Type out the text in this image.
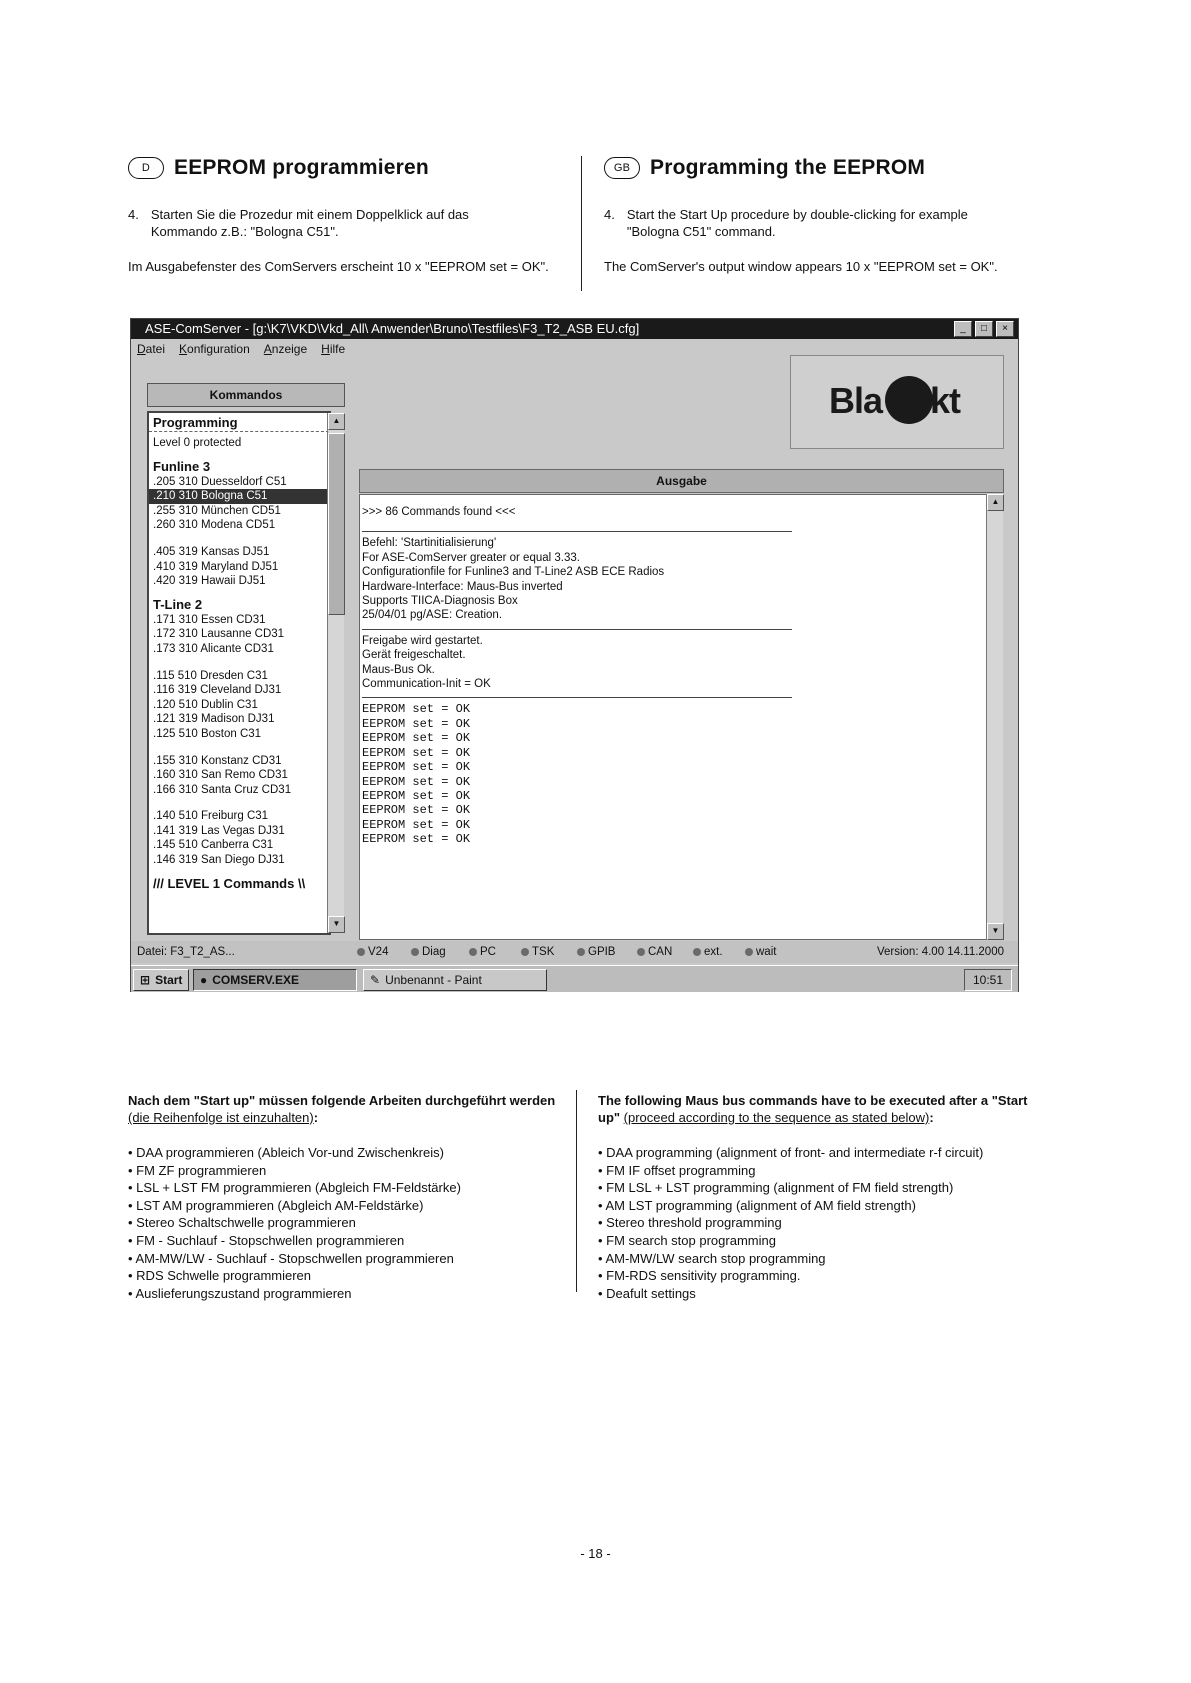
D	EEPROM programmieren
4. Starten Sie die Prozedur mit einem Doppelklick auf das Kommando z.B.: "Bologna C51".
Im Ausgabefenster des ComServers erscheint 10 x "EEPROM set = OK".
GB Programming the EEPROM
4. Start the Start Up procedure by double-clicking for example "Bologna C51" command.
The ComServer's output window appears 10 x "EEPROM set = OK".
ASE-ComServer - [g:\K7\VKD\Vkd_All\ Anwender\Bruno\Testfiles\F3_T2_ASB EU.cfg]	_	□	×
Datei Konfiguration Anzeige Hilfe
Kommandos
Programming
Level 0 protected
Funline 3
.205 310 Duesseldorf C51
.210 310 Bologna C51
.255 310 München CD51
.260 310 Modena CD51
.405 319 Kansas DJ51
.410 319 Maryland DJ51
.420 319 Hawaii DJ51
T-Line 2
.171 310 Essen CD31
.172 310 Lausanne CD31
.173 310 Alicante CD31
.115 510 Dresden C31
.116 319 Cleveland DJ31
.120 510 Dublin C31
.121 319 Madison DJ31
.125 510 Boston C31
.155 310 Konstanz CD31
.160 310 San Remo CD31
.166 310 Santa Cruz CD31
.140 510 Freiburg C31
.141 319 Las Vegas DJ31
.145 510 Canberra C31
.146 319 San Diego DJ31
/// LEVEL 1 Commands \\
▲
▼
Bla   nkt
Ausgabe
>>> 86 Commands found <<<
Befehl: 'Startinitialisierung'
For ASE-ComServer greater or equal 3.33.
Configurationfile for Funline3 and T-Line2 ASB ECE Radios
Hardware-Interface: Maus-Bus inverted
Supports TIICA-Diagnosis Box
25/04/01 pg/ASE: Creation.
Freigabe wird gestartet.
Gerät freigeschaltet.
Maus-Bus Ok.
Communication-Init = OK
EEPROM set = OK
EEPROM set = OK
EEPROM set = OK
EEPROM set = OK
EEPROM set = OK
EEPROM set = OK
EEPROM set = OK
EEPROM set = OK
EEPROM set = OK
EEPROM set = OK
▲
▼
Datei: F3_T2_AS...	V24	Diag	PC	TSK	GPIB	CAN	ext.	wait	Version: 4.00 14.11.2000
⊞ Start ● COMSERV.EXE	✎ Unbenannt - Paint	10:51
Nach dem "Start up" müssen folgende Arbeiten durchgeführt werden (die Reihenfolge ist einzuhalten):
• DAA programmieren (Ableich Vor-und Zwischenkreis)
• FM ZF programmieren
• LSL + LST FM programmieren (Abgleich FM-Feldstärke)
• LST AM programmieren (Abgleich AM-Feldstärke)
• Stereo Schaltschwelle programmieren
• FM - Suchlauf - Stopschwellen programmieren
• AM-MW/LW - Suchlauf - Stopschwellen programmieren
• RDS Schwelle programmieren
• Auslieferungszustand programmieren
The following Maus bus commands have to be executed after a "Start up" (proceed according to the sequence as stated below):
• DAA programming (alignment of front- and intermediate r-f circuit)
• FM IF offset programming
• FM LSL + LST programming (alignment of FM field strength)
• AM LST programming (alignment of AM field strength)
• Stereo threshold programming
• FM search stop programming
• AM-MW/LW search stop programming
• FM-RDS sensitivity programming.
• Deafult settings
- 18 -
